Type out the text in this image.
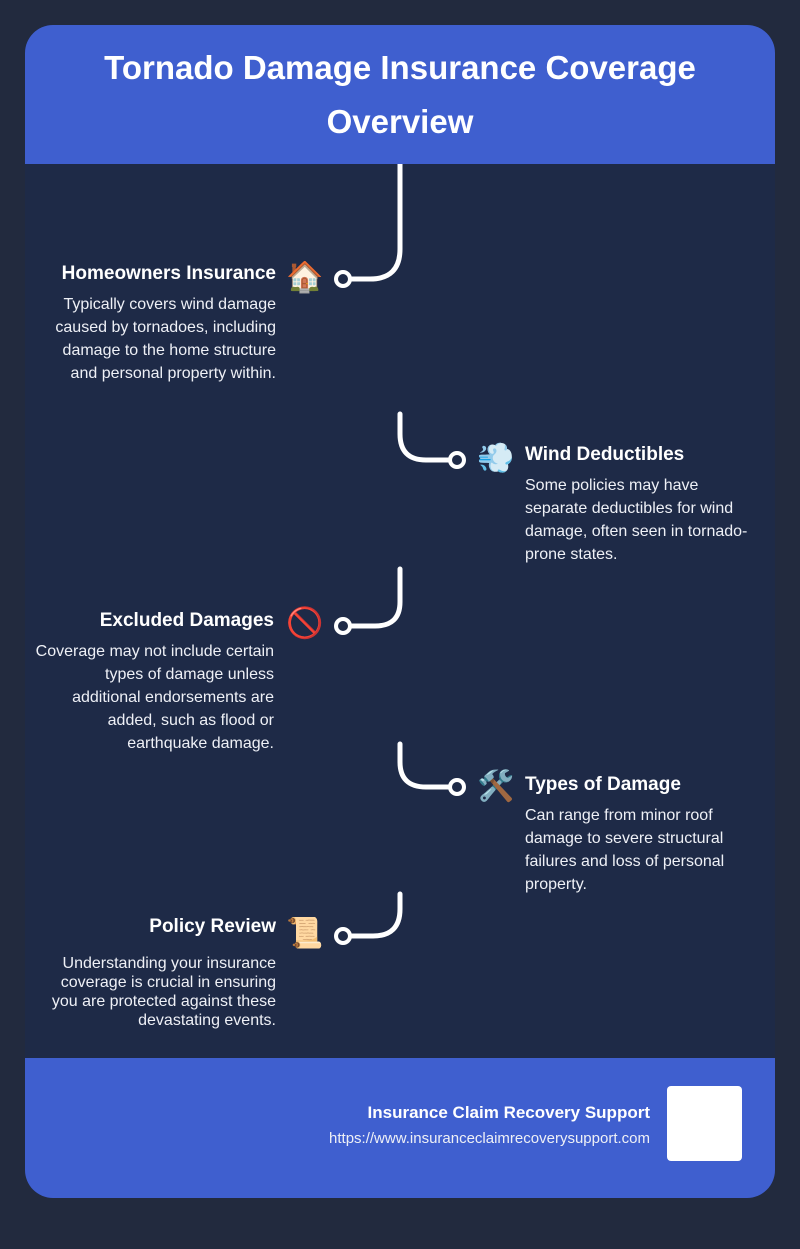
Tornado Damage Insurance Coverage Overview
Homeowners Insurance
Typically covers wind damage caused by tornadoes, including damage to the home structure and personal property within.
🏠
💨 Wind Deductibles
Some policies may have separate deductibles for wind damage, often seen in tornado-prone states.
Excluded Damages
Coverage may not include certain types of damage unless additional endorsements are added, such as flood or earthquake damage.
🚫
🛠️ Types of Damage
Can range from minor roof damage to severe structural failures and loss of personal property.
Policy Review
Understanding your insurance coverage is crucial in ensuring you are protected against these devastating events.
📜
Insurance Claim Recovery Support
https://www.insuranceclaimrecoverysupport.com
